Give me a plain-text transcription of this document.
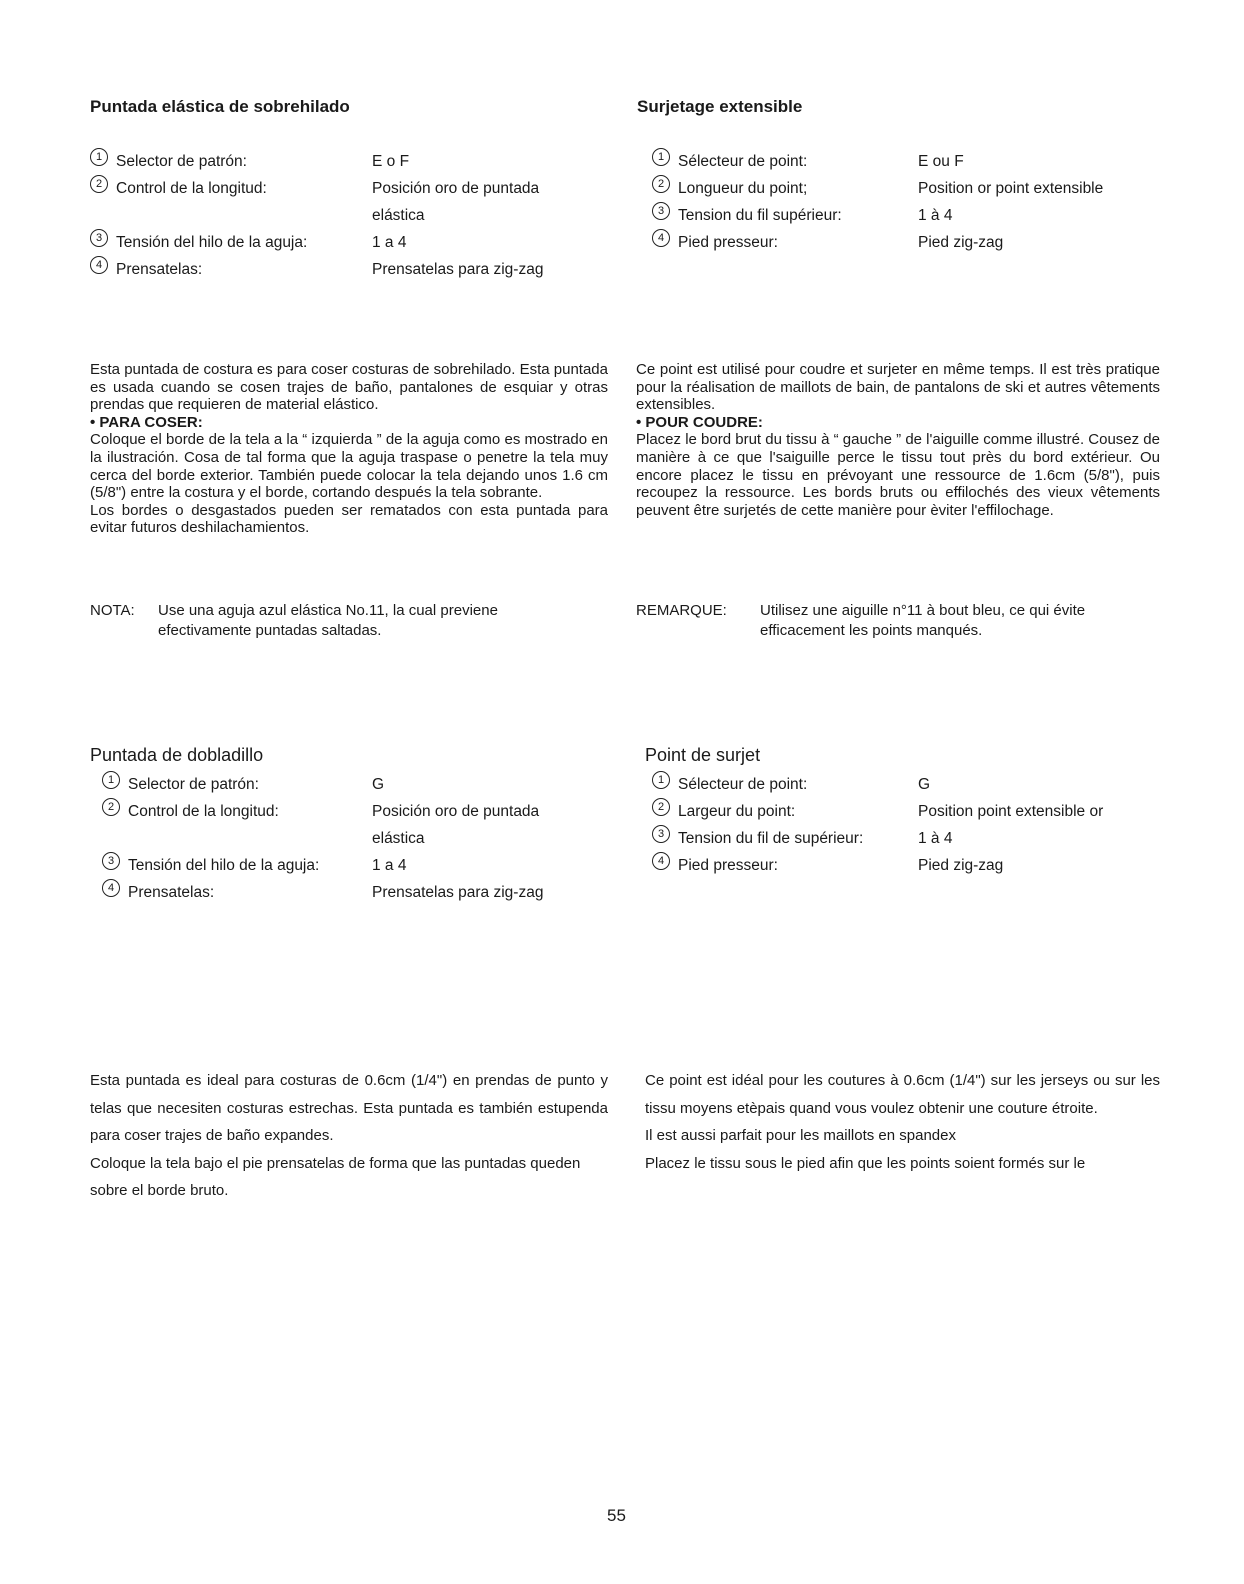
Puntada elástica de sobrehilado
1 Selector de patrón:	E o F
2 Control de la longitud:	Posición oro de puntada
elástica
3 Tensión del hilo de la aguja:	1 a 4
4 Prensatelas:	Prensatelas para zig-zag

Esta puntada de costura es para coser costuras de sobrehilado. Esta puntada es usada cuando se cosen trajes de baño, pantalones de esquiar y otras prendas que requieren de material elástico.

• PARA COSER:

Coloque el borde de la tela a la “ izquierda ” de la aguja como es mostrado en la ilustración. Cosa de tal forma que la aguja traspase o penetre la tela muy cerca del borde exterior. También puede colocar la tela dejando unos 1.6 cm (5/8") entre la costura y el borde, cortando después la tela sobrante.

Los bordes o desgastados pueden ser rematados con esta puntada para evitar futuros deshilachamientos.

NOTA:	Use una aguja azul elástica No.11, la cual previene efectivamente puntadas saltadas.
Surjetage extensible
1 Sélecteur de point:	E ou F
2 Longueur du point;	Position or point extensible
3 Tension du fil supérieur:	1 à 4
4 Pied presseur:	Pied zig-zag

Ce point est utilisé pour coudre et surjeter en même temps. Il est très pratique pour la réalisation de maillots de bain, de pantalons de ski et autres vêtements extensibles.

• POUR COUDRE:

Placez le bord brut du tissu à “ gauche ” de l'aiguille comme illustré. Cousez de manière à ce que l'saiguille perce le tissu tout près du bord extérieur. Ou encore placez le tissu en prévoyant une ressource de 1.6cm (5/8"), puis recoupez la ressource. Les bords bruts ou effilochés des vieux vêtements peuvent être surjetés de cette manière pour èviter l'effilochage.

REMARQUE:	Utilisez une aiguille n°11 à bout bleu, ce qui évite efficacement les points manqués.
Puntada de dobladillo
1 Selector de patrón:	G
2 Control de la longitud:	Posición oro de puntada
elástica
3 Tensión del hilo de la aguja:	1 a 4
4 Prensatelas:	Prensatelas para zig-zag

Esta puntada es ideal para costuras de 0.6cm (1/4") en prendas de punto y telas que necesiten costuras estrechas. Esta puntada es también estupenda para coser trajes de baño expandes.

Coloque la tela bajo el pie prensatelas de forma que las puntadas queden sobre el borde bruto.

Point de surjet
1 Sélecteur de point:	G
2 Largeur du point:	Position point extensible or
3 Tension du fil de supérieur:	1 à 4
4 Pied presseur:	Pied zig-zag

Ce point est idéal pour les coutures à 0.6cm (1/4") sur les jerseys ou sur les tissu moyens etèpais quand vous voulez obtenir une couture étroite.

Il est aussi parfait pour les maillots en spandex

Placez le tissu sous le pied afin que les points soient formés sur le

55
